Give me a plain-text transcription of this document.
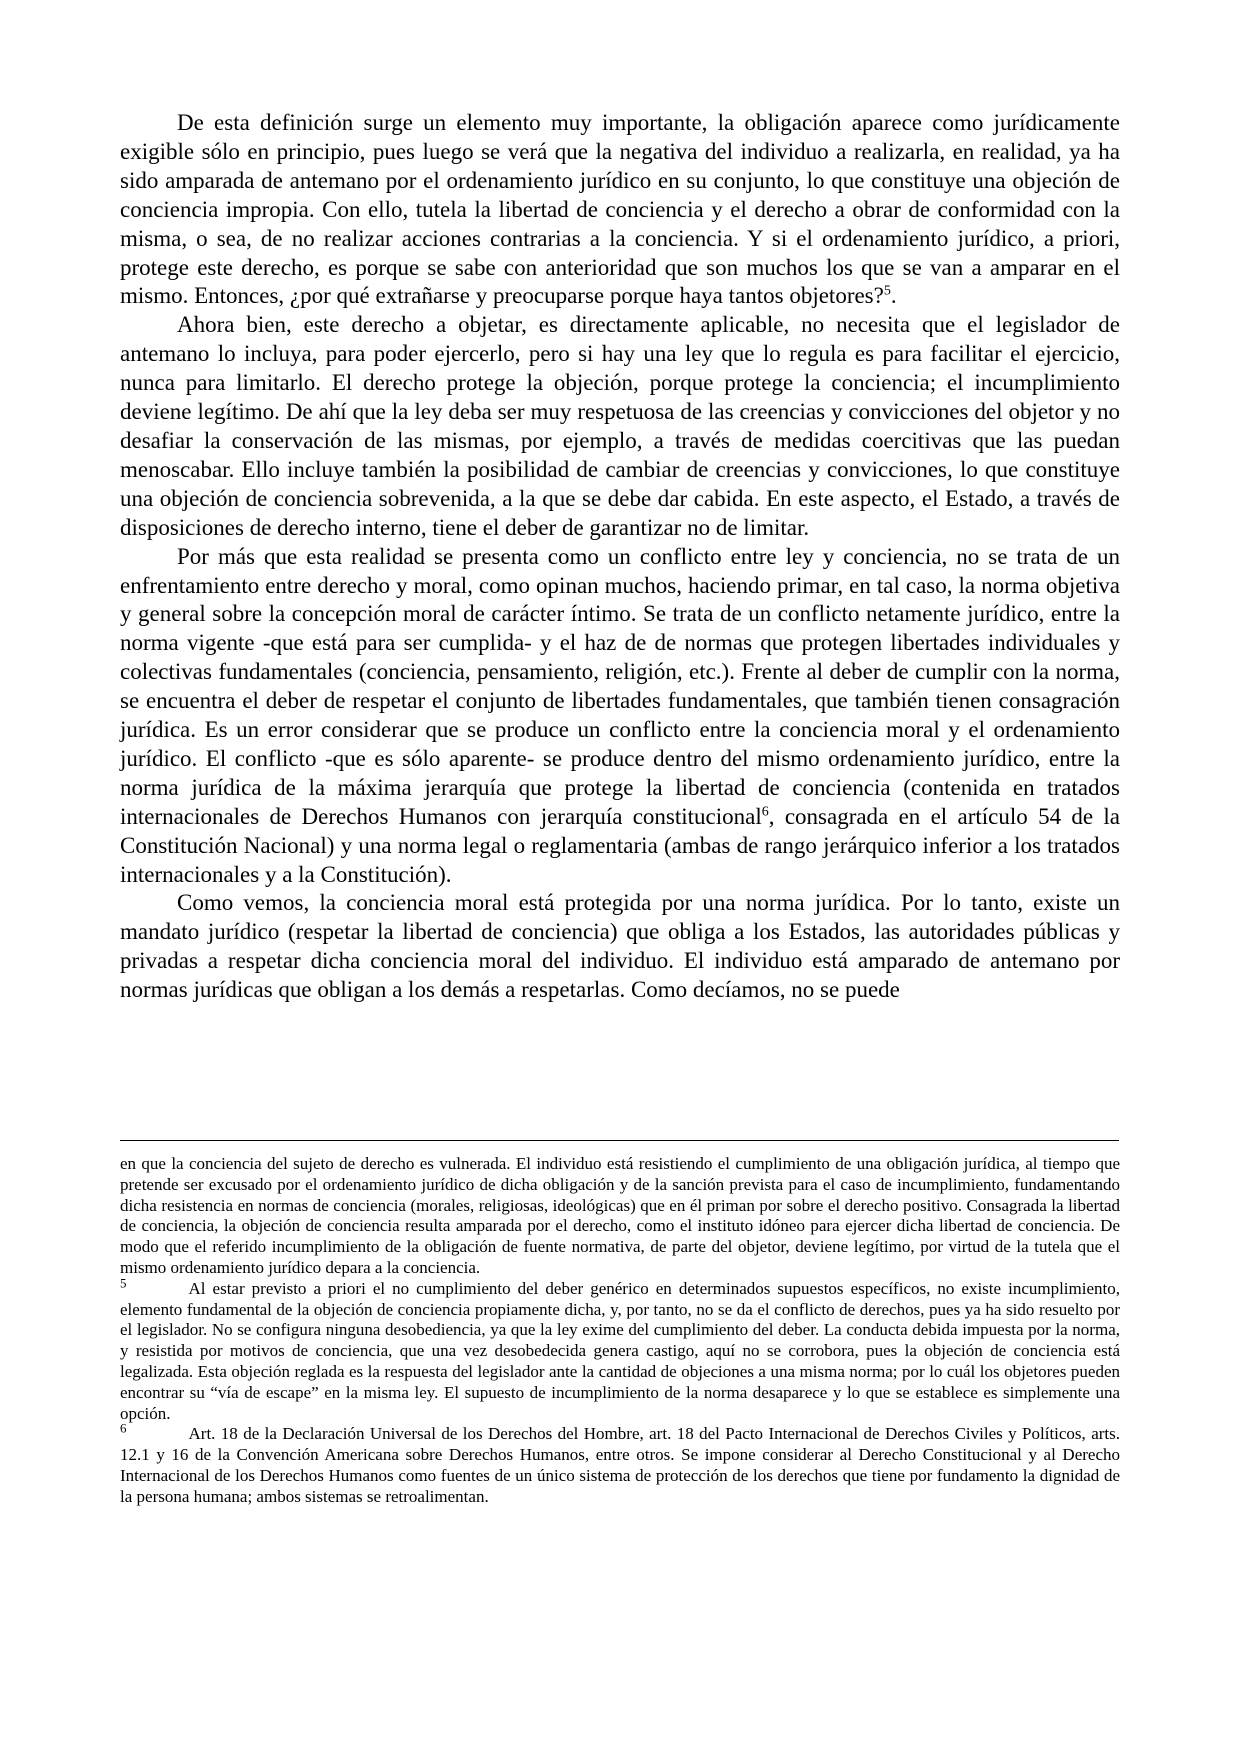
De esta definición surge un elemento muy importante, la obligación aparece como jurídicamente exigible sólo en principio, pues luego se verá que la negativa del individuo a realizarla, en realidad, ya ha sido amparada de antemano por el ordenamiento jurídico en su conjunto, lo que constituye una objeción de conciencia impropia. Con ello, tutela la libertad de conciencia y el derecho a obrar de conformidad con la misma, o sea, de no realizar acciones contrarias a la conciencia. Y si el ordenamiento jurídico, a priori, protege este derecho, es porque se sabe con anterioridad que son muchos los que se van a amparar en el mismo. Entonces, ¿por qué extrañarse y preocuparse porque haya tantos objetores?$^5$.

Ahora bien, este derecho a objetar, es directamente aplicable, no necesita que el legislador de antemano lo incluya, para poder ejercerlo, pero si hay una ley que lo regula es para facilitar el ejercicio, nunca para limitarlo. El derecho protege la objeción, porque protege la conciencia; el incumplimiento deviene legítimo. De ahí que la ley deba ser muy respetuosa de las creencias y convicciones del objetor y no desafiar la conservación de las mismas, por ejemplo, a través de medidas coercitivas que las puedan menoscabar. Ello incluye también la posibilidad de cambiar de creencias y convicciones, lo que constituye una objeción de conciencia sobrevenida, a la que se debe dar cabida. En este aspecto, el Estado, a través de disposiciones de derecho interno, tiene el deber de garantizar no de limitar.

Por más que esta realidad se presenta como un conflicto entre ley y conciencia, no se trata de un enfrentamiento entre derecho y moral, como opinan muchos, haciendo primar, en tal caso, la norma objetiva y general sobre la concepción moral de carácter íntimo. Se trata de un conflicto netamente jurídico, entre la norma vigente -que está para ser cumplida- y el haz de de normas que protegen libertades individuales y colectivas fundamentales (conciencia, pensamiento, religión, etc.). Frente al deber de cumplir con la norma, se encuentra el deber de respetar el conjunto de libertades fundamentales, que también tienen consagración jurídica. Es un error considerar que se produce un conflicto entre la conciencia moral y el ordenamiento jurídico. El conflicto -que es sólo aparente- se produce dentro del mismo ordenamiento jurídico, entre la norma jurídica de la máxima jerarquía que protege la libertad de conciencia (contenida en tratados internacionales de Derechos Humanos con jerarquía constitucional$^6$, consagrada en el artículo 54 de la Constitución Nacional) y una norma legal o reglamentaria (ambas de rango jerárquico inferior a los tratados internacionales y a la Constitución).

Como vemos, la conciencia moral está protegida por una norma jurídica. Por lo tanto, existe un mandato jurídico (respetar la libertad de conciencia) que obliga a los Estados, las autoridades públicas y privadas a respetar dicha conciencia moral del individuo. El individuo está amparado de antemano por normas jurídicas que obligan a los demás a respetarlas. Como decíamos, no se puede

en que la conciencia del sujeto de derecho es vulnerada. El individuo está resistiendo el cumplimiento de una obligación jurídica, al tiempo que pretende ser excusado por el ordenamiento jurídico de dicha obligación y de la sanción prevista para el caso de incumplimiento, fundamentando dicha resistencia en normas de conciencia (morales, religiosas, ideológicas) que en él priman por sobre el derecho positivo. Consagrada la libertad de conciencia, la objeción de conciencia resulta amparada por el derecho, como el instituto idóneo para ejercer dicha libertad de conciencia. De modo que el referido incumplimiento de la obligación de fuente normativa, de parte del objetor, deviene legítimo, por virtud de la tutela que el mismo ordenamiento jurídico depara a la conciencia.

$^5$	Al estar previsto a priori el no cumplimiento del deber genérico en determinados supuestos específicos, no existe incumplimiento, elemento fundamental de la objeción de conciencia propiamente dicha, y, por tanto, no se da el conflicto de derechos, pues ya ha sido resuelto por el legislador. No se configura ninguna desobediencia, ya que la ley exime del cumplimiento del deber. La conducta debida impuesta por la norma, y resistida por motivos de conciencia, que una vez desobedecida genera castigo, aquí no se corrobora, pues la objeción de conciencia está legalizada. Esta objeción reglada es la respuesta del legislador ante la cantidad de objeciones a una misma norma; por lo cuál los objetores pueden encontrar su “vía de escape” en la misma ley. El supuesto de incumplimiento de la norma desaparece y lo que se establece es simplemente una opción.

$^6$	Art. 18 de la Declaración Universal de los Derechos del Hombre, art. 18 del Pacto Internacional de Derechos Civiles y Políticos, arts. 12.1 y 16 de la Convención Americana sobre Derechos Humanos, entre otros. Se impone considerar al Derecho Constitucional y al Derecho Internacional de los Derechos Humanos como fuentes de un único sistema de protección de los derechos que tiene por fundamento la dignidad de la persona humana; ambos sistemas se retroalimentan.
